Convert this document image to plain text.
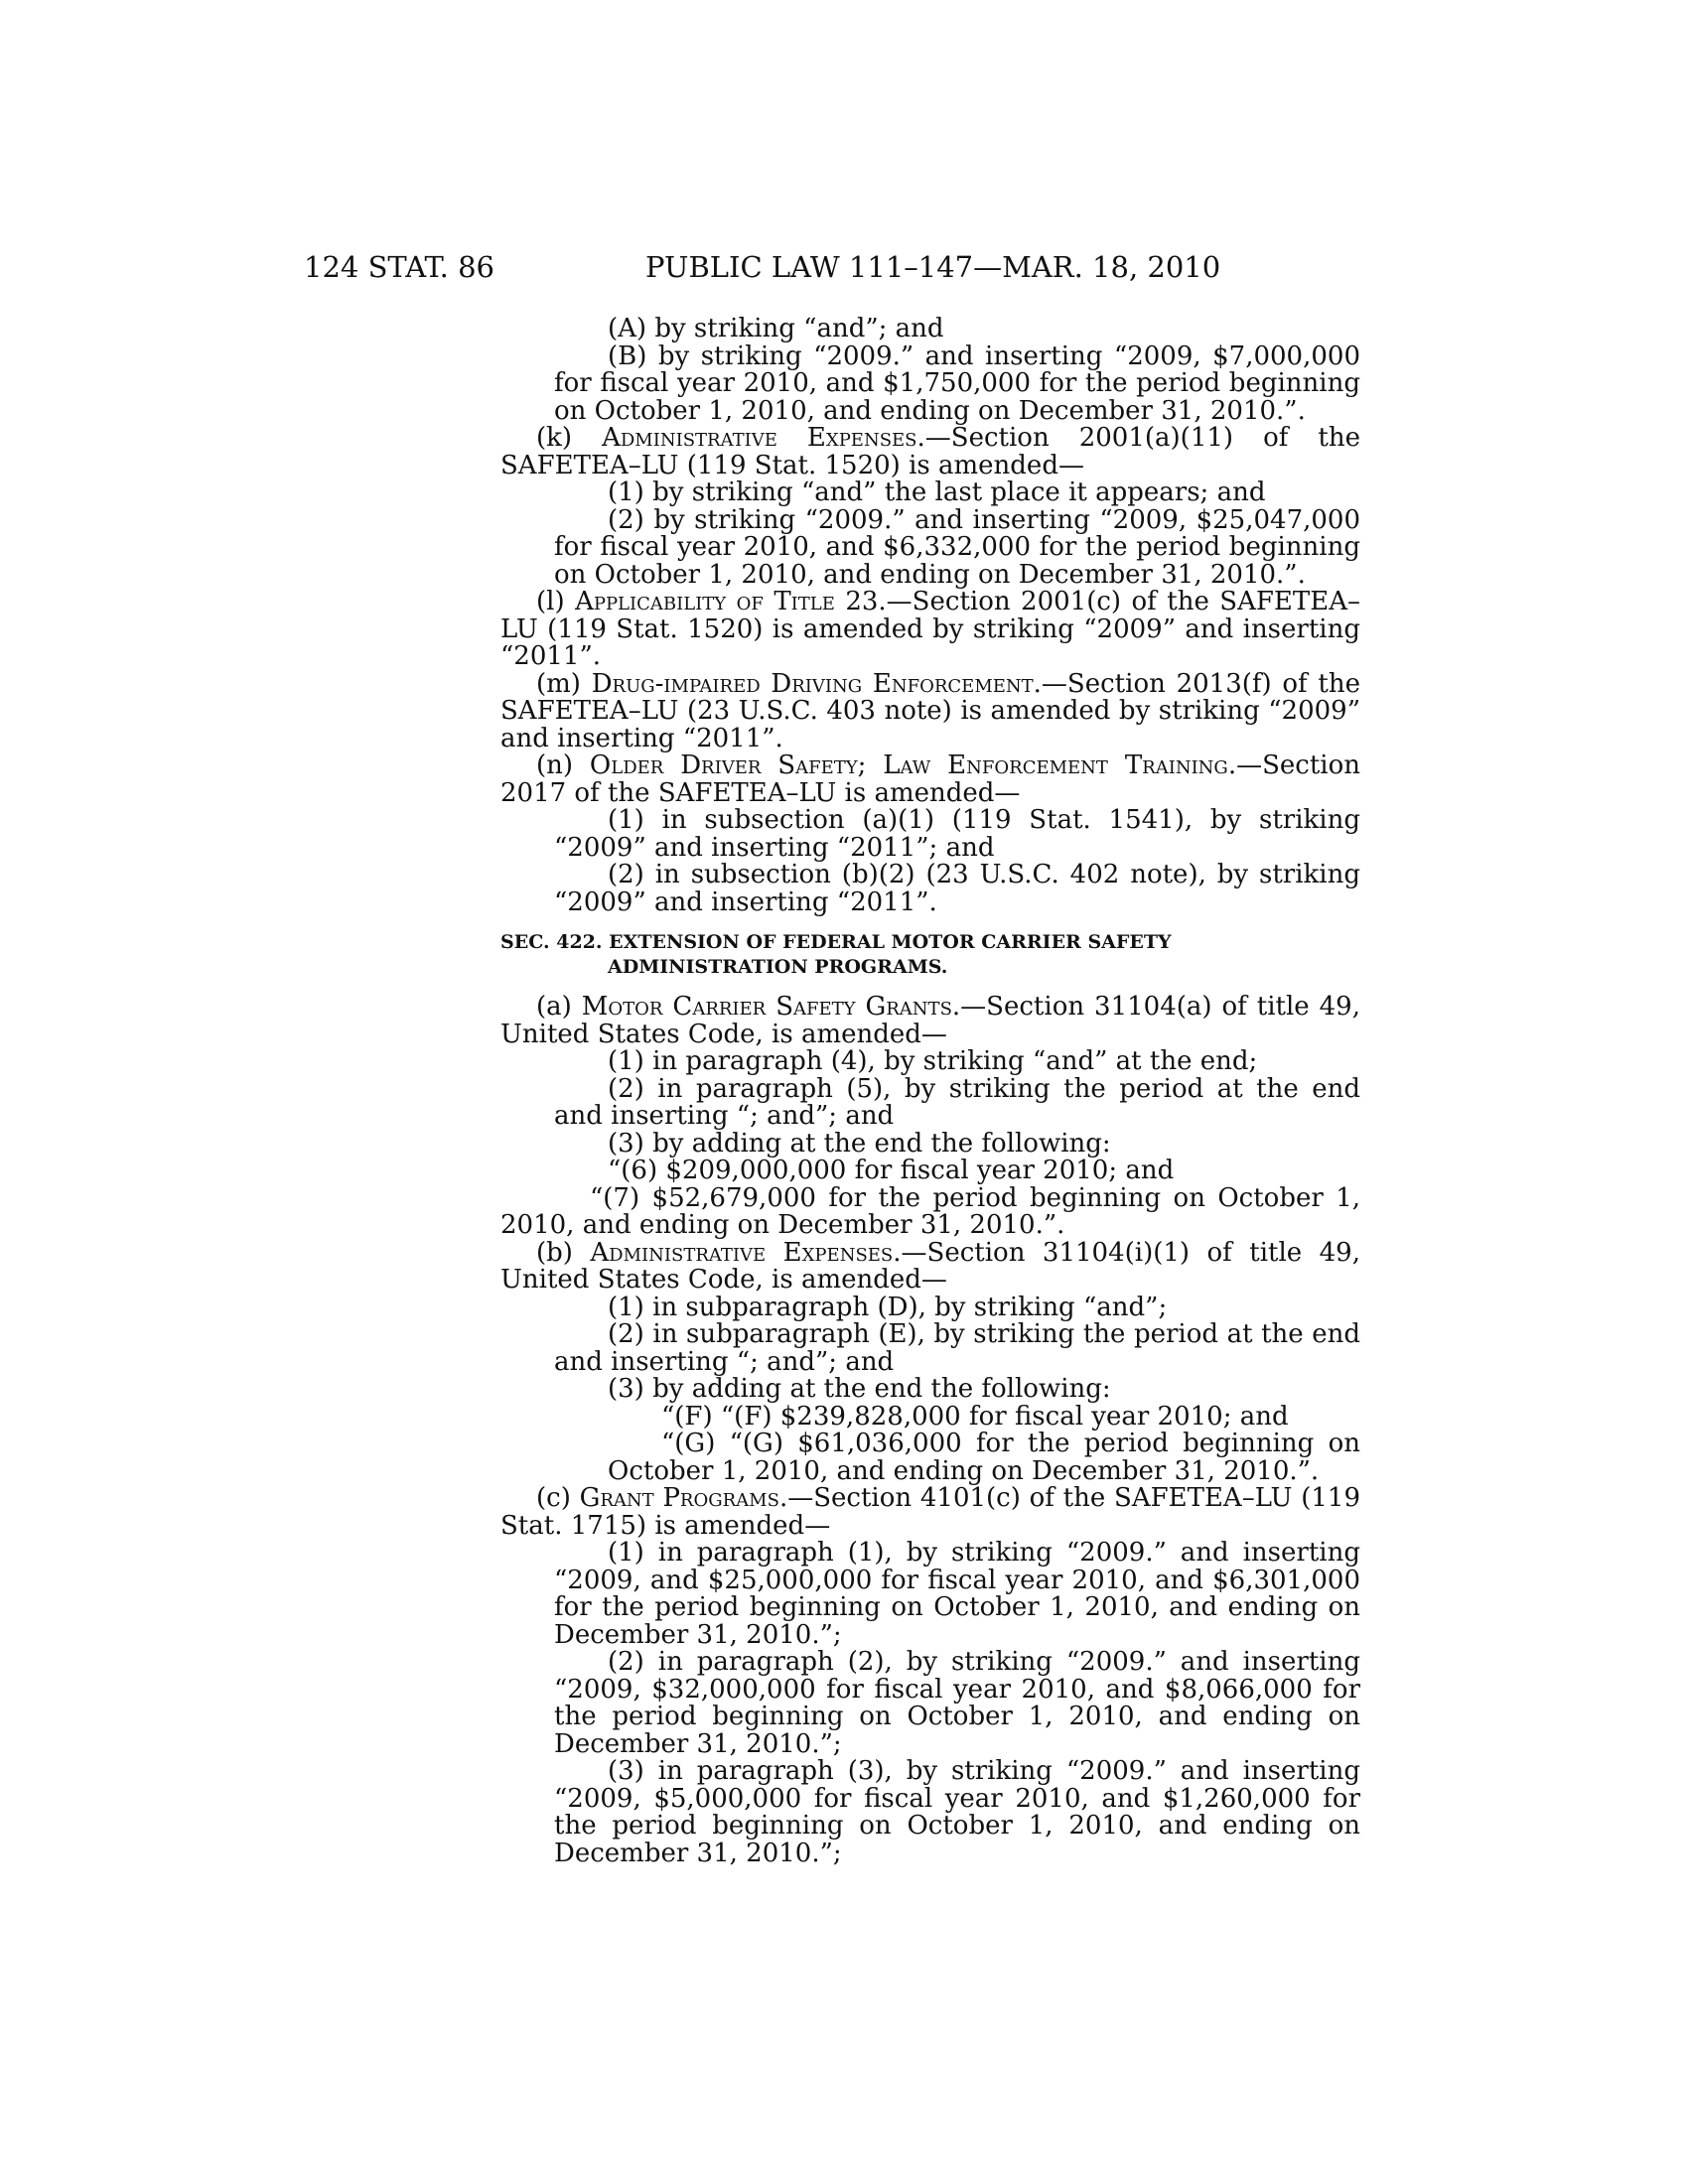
124 STAT. 86	PUBLIC LAW 111–147—MAR. 18, 2010

(A) by striking “and”; and

(B) by striking “2009.” and inserting “2009, $7,000,000 for fiscal year 2010, and $1,750,000 for the period beginning on October 1, 2010, and ending on December 31, 2010.”.

(k) Administrative Expenses.—Section 2001(a)(11) of the SAFETEA–LU (119 Stat. 1520) is amended—

(1) by striking “and” the last place it appears; and

(2) by striking “2009.” and inserting “2009, $25,047,000 for fiscal year 2010, and $6,332,000 for the period beginning on October 1, 2010, and ending on December 31, 2010.”.

(l) Applicability of Title 23.—Section 2001(c) of the SAFETEA–LU (119 Stat. 1520) is amended by striking “2009” and inserting “2011”.

(m) Drug-impaired Driving Enforcement.—Section 2013(f) of the SAFETEA–LU (23 U.S.C. 403 note) is amended by striking “2009” and inserting “2011”.

(n) Older Driver Safety; Law Enforcement Training.—Section 2017 of the SAFETEA–LU is amended—

(1) in subsection (a)(1) (119 Stat. 1541), by striking “2009” and inserting “2011”; and

(2) in subsection (b)(2) (23 U.S.C. 402 note), by striking “2009” and inserting “2011”.

SEC. 422. EXTENSION OF FEDERAL MOTOR CARRIER SAFETY ADMINISTRATION PROGRAMS.

(a) Motor Carrier Safety Grants.—Section 31104(a) of title 49, United States Code, is amended—

(1) in paragraph (4), by striking “and” at the end;

(2) in paragraph (5), by striking the period at the end and inserting “; and”; and

(3) by adding at the end the following:

“(6) $209,000,000 for fiscal year 2010; and

“(7) $52,679,000 for the period beginning on October 1, 2010, and ending on December 31, 2010.”.

(b) Administrative Expenses.—Section 31104(i)(1) of title 49, United States Code, is amended—

(1) in subparagraph (D), by striking “and”;

(2) in subparagraph (E), by striking the period at the end and inserting “; and”; and

(3) by adding at the end the following:

“(F) “(F) $239,828,000 for fiscal year 2010; and

“(G) “(G) $61,036,000 for the period beginning on October 1, 2010, and ending on December 31, 2010.”.

(c) Grant Programs.—Section 4101(c) of the SAFETEA–LU (119 Stat. 1715) is amended—

(1) in paragraph (1), by striking “2009.” and inserting “2009, and $25,000,000 for fiscal year 2010, and $6,301,000 for the period beginning on October 1, 2010, and ending on December 31, 2010.”;

(2) in paragraph (2), by striking “2009.” and inserting “2009, $32,000,000 for fiscal year 2010, and $8,066,000 for the period beginning on October 1, 2010, and ending on December 31, 2010.”;

(3) in paragraph (3), by striking “2009.” and inserting “2009, $5,000,000 for fiscal year 2010, and $1,260,000 for the period beginning on October 1, 2010, and ending on December 31, 2010.”;
